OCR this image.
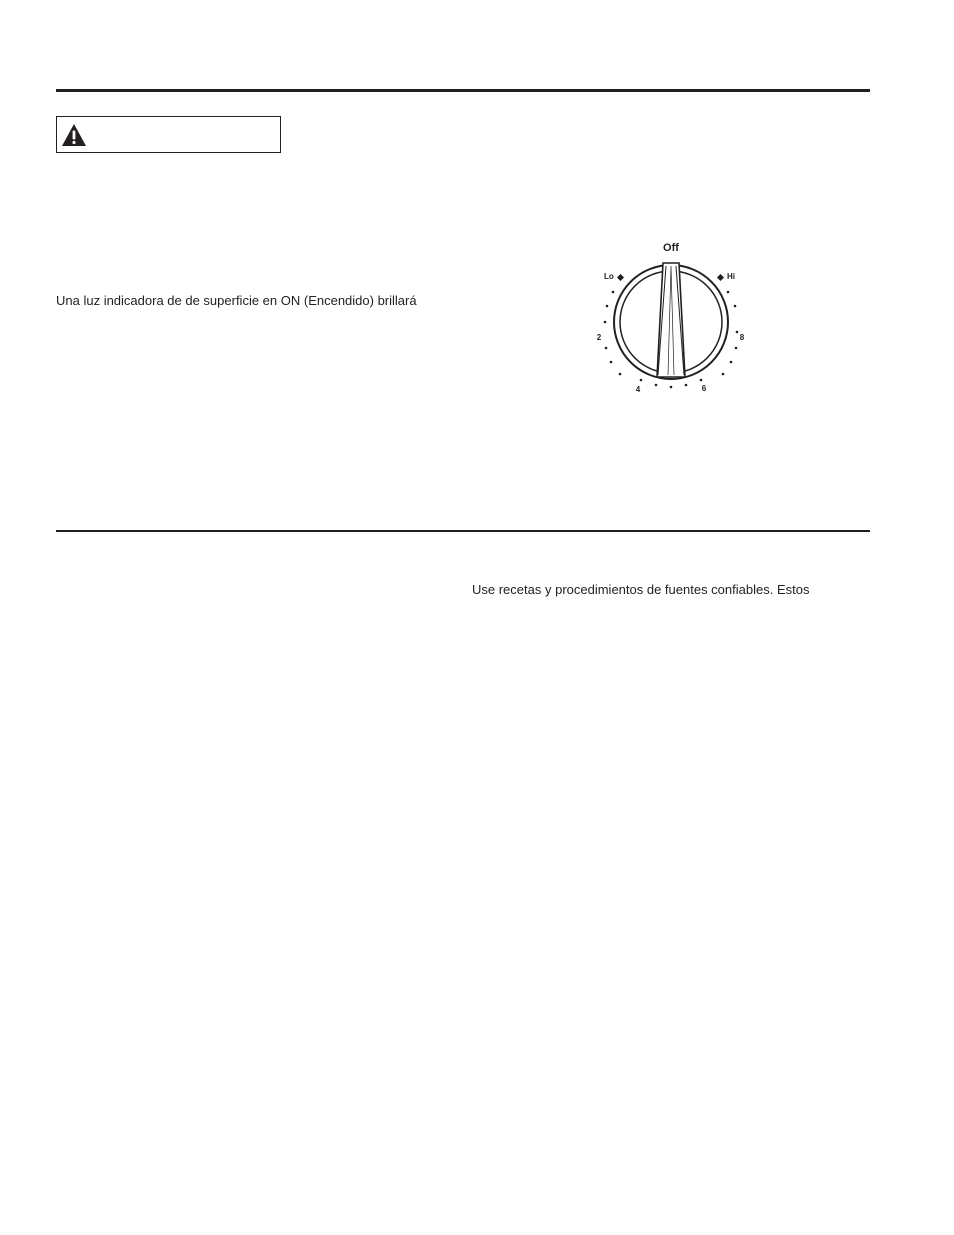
Una luz indicadora de de superficie en ON (Encendido) brillará
Off
Lo	Hi
2
4	6
8
Use recetas y procedimientos de fuentes confiables. Estos
